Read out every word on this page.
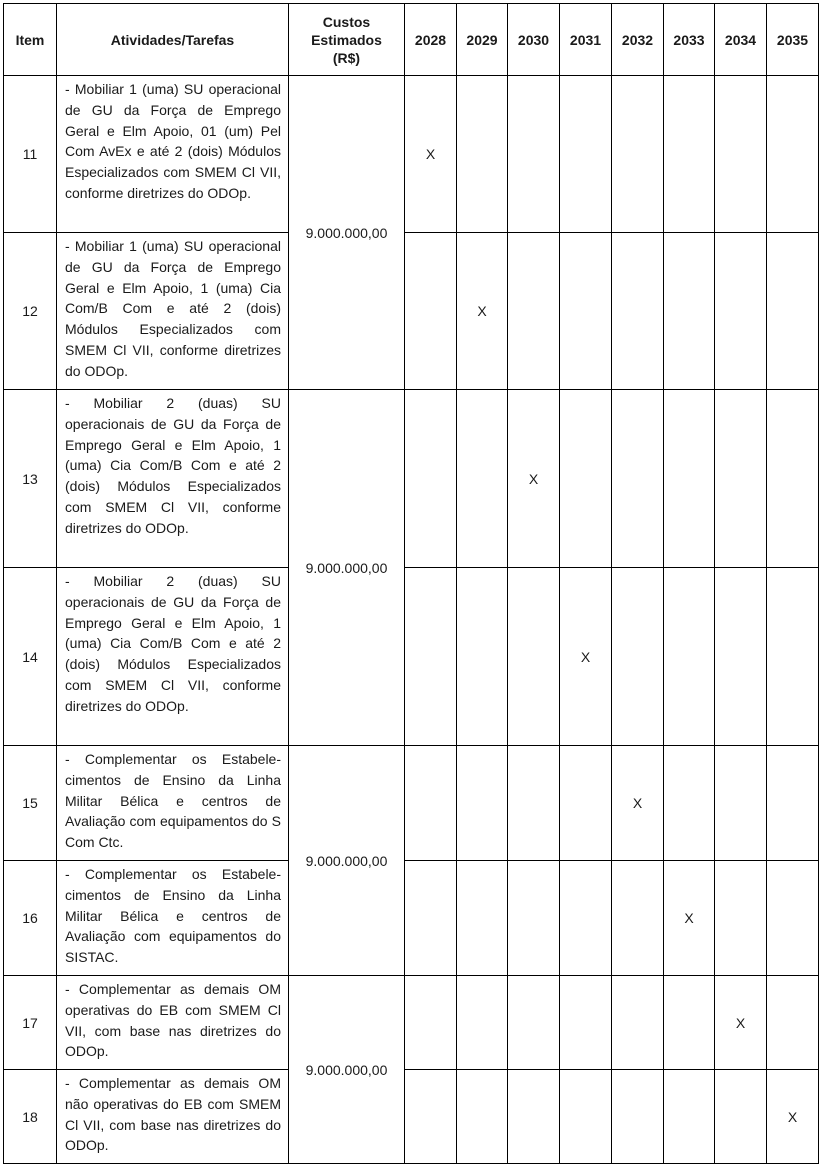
Item	Atividades/Tarefas	Custos Estimados (R$)	2028	2029	2030	2031	2032	2033	2034	2035
11	- Mobiliar 1 (uma) SU operacional de GU da Força de Emprego Geral e Elm Apoio, 01 (um) Pel Com AvEx e até 2 (dois) Módulos Especializados com SMEM Cl VII, conforme diretrizes do ODOp.	9.000.000,00	X							
12	- Mobiliar 1 (uma) SU operacional de GU da Força de Emprego Geral e Elm Apoio, 1 (uma) Cia Com/B Com e até 2 (dois) Módulos Especializados com SMEM Cl VII, conforme diretrizes do ODOp.			X						
13	- Mobiliar 2 (duas) SU operacionais de GU da Força de Emprego Geral e Elm Apoio, 1 (uma) Cia Com/B Com e até 2 (dois) Módulos Especializados com SMEM Cl VII, conforme diretrizes do ODOp.	9.000.000,00			X					
14	- Mobiliar 2 (duas) SU operacionais de GU da Força de Emprego Geral e Elm Apoio, 1 (uma) Cia Com/B Com e até 2 (dois) Módulos Especializados com SMEM Cl VII, conforme diretrizes do ODOp.					X				
15	- Complementar os Estabele-cimentos de Ensino da Linha Militar Bélica e centros de Avaliação com equipamentos do S Com Ctc.	9.000.000,00					X			
16	- Complementar os Estabele-cimentos de Ensino da Linha Militar Bélica e centros de Avaliação com equipamentos do SISTAC.							X		
17	- Complementar as demais OM operativas do EB com SMEM Cl VII, com base nas diretrizes do ODOp.	9.000.000,00							X	
18	- Complementar as demais OM não operativas do EB com SMEM Cl VII, com base nas diretrizes do ODOp.									X
